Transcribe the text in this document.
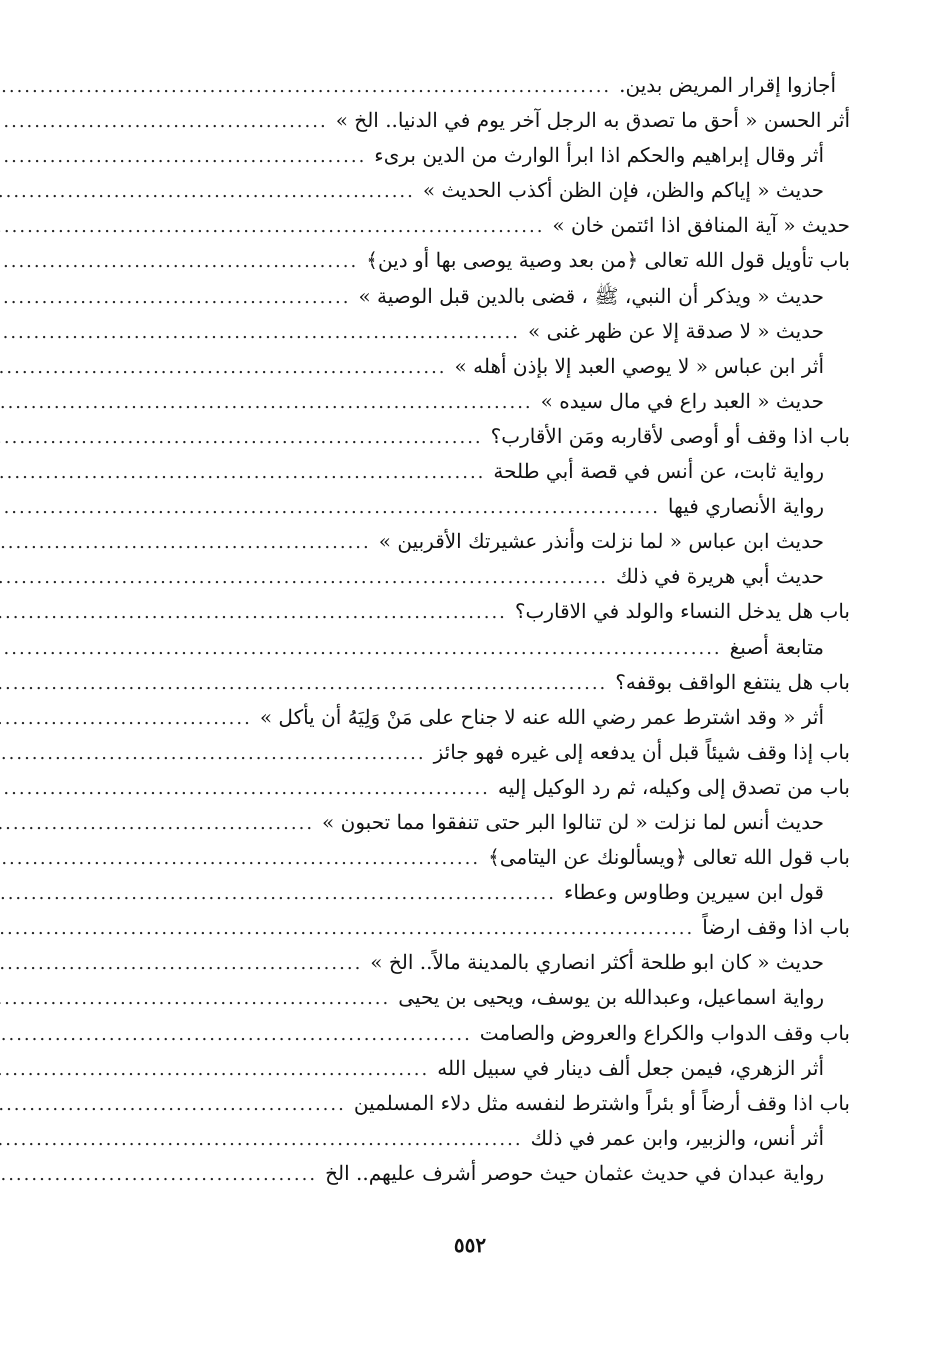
أجازوا إقرار المريض بدين.
.....
أثر الحسن « أحق ما تصدق به الرجل آخر يوم في الدنيا.. الخ »
.....
أثر وقال إبراهيم والحكم اذا ابرأ الوارث من الدين برىء
.....
حديث « إياكم والظن، فإن الظن أكذب الحديث »
.....
حديث « آية المنافق اذا ائتمن خان »
.....
باب تأويل قول الله تعالى ﴿من بعد وصية يوصى بها أو دين﴾
.....
حديث « ويذكر أن النبي، ﷺ ، قضى بالدين قبل الوصية »
.....
حديث « لا صدقة إلا عن ظهر غنى »
.....
أثر ابن عباس « لا يوصي العبد إلا بإذن أهله »
.....
حديث « العبد راع في مال سيده »
.....
باب اذا وقف أو أوصى لأقاربه ومَن الأقارب؟
.....
رواية ثابت، عن أنس في قصة أبي طلحة
.....
رواية الأنصاري فيها
.....
حديث ابن عباس « لما نزلت وأنذر عشيرتك الأقربين »
.....
حديث أبي هريرة في ذلك
.....
باب هل يدخل النساء والولد في الاقارب؟
.....
متابعة أصبغ
.....
باب هل ينتفع الواقف بوقفه؟
.....
أثر « وقد اشترط عمر رضي الله عنه لا جناح على مَنْ وَلِيَهُ أن يأكل »
.....
باب إذا وقف شيئاً قبل أن يدفعه إلى غيره فهو جائز
.....
باب من تصدق إلى وكيله، ثم رد الوكيل إليه
.....
حديث أنس لما نزلت « لن تنالوا البر حتى تنفقوا مما تحبون »
.....
باب قول الله تعالى ﴿ويسألونك عن اليتامى﴾
.....
قول ابن سيرين وطاوس وعطاء
.....
باب اذا وقف ارضاً
.....
حديث « كان ابو طلحة أكثر انصاري بالمدينة مالاً.. الخ »
.....
رواية اسماعيل، وعبدالله بن يوسف، ويحيى بن يحيى
.....
باب وقف الدواب والكراع والعروض والصامت
.....
أثر الزهري، فيمن جعل ألف دينار في سبيل الله
.....
باب اذا وقف أرضاً أو بئراً واشترط لنفسه مثل دلاء المسلمين
.....
أثر أنس، والزبير، وابن عمر في ذلك
.....
رواية عبدان في حديث عثمان حيث حوصر أشرف عليهم.. الخ
.....
٥٥٢
